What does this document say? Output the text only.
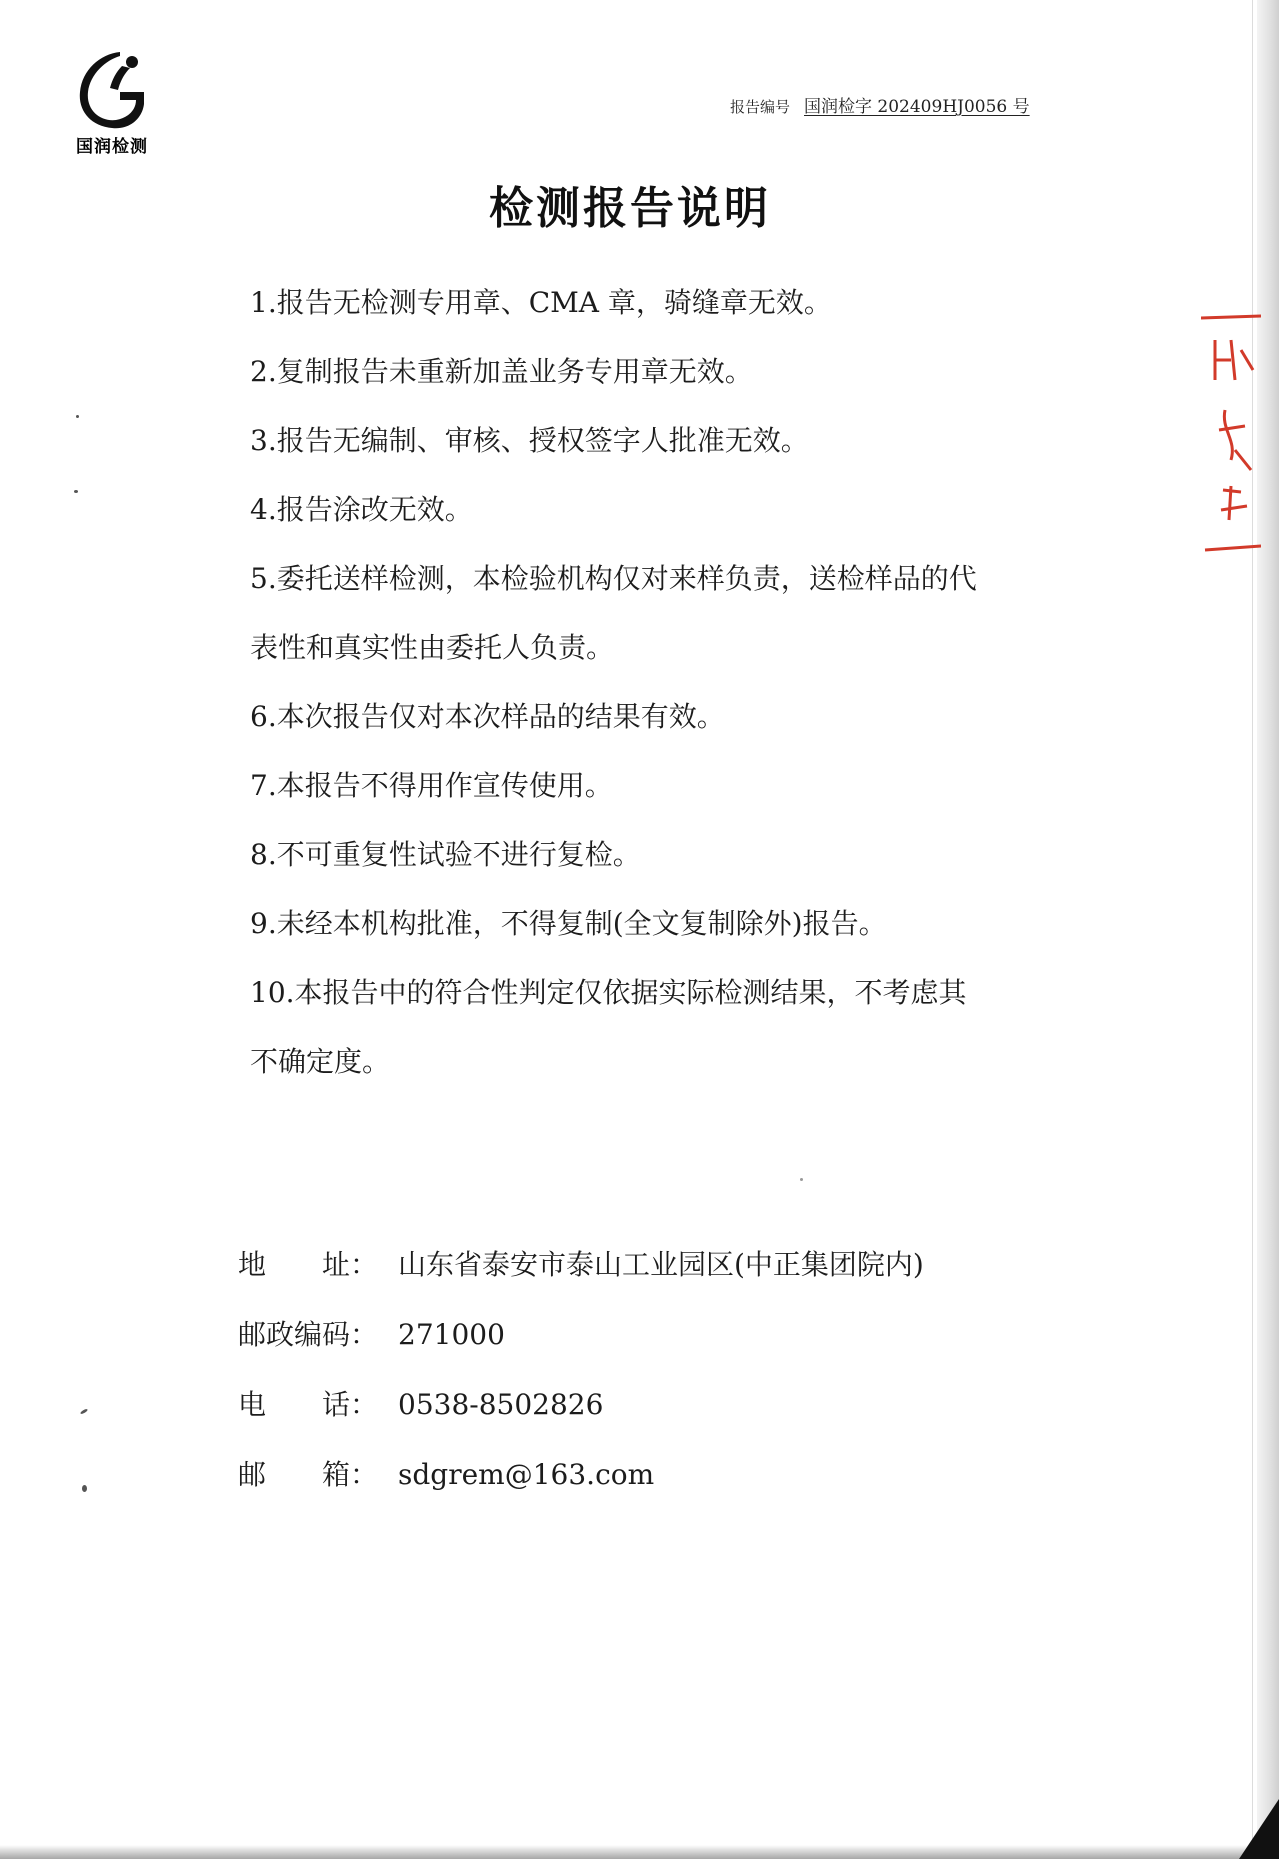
国润检测
报告编号 国润检字 202409HJ0056 号
检测报告说明
1.报告无检测专用章、CMA 章，骑缝章无效。
2.复制报告未重新加盖业务专用章无效。
3.报告无编制、审核、授权签字人批准无效。
4.报告涂改无效。
5.委托送样检测，本检验机构仅对来样负责，送检样品的代
表性和真实性由委托人负责。
6.本次报告仅对本次样品的结果有效。
7.本报告不得用作宣传使用。
8.不可重复性试验不进行复检。
9.未经本机构批准，不得复制(全文复制除外)报告。
10.本报告中的符合性判定仅依据实际检测结果，不考虑其
不确定度。
地　　址： 山东省泰安市泰山工业园区(中正集团院内)
邮政编码： 271000
电　　话： 0538-8502826
邮　　箱： sdgrem@163.com
